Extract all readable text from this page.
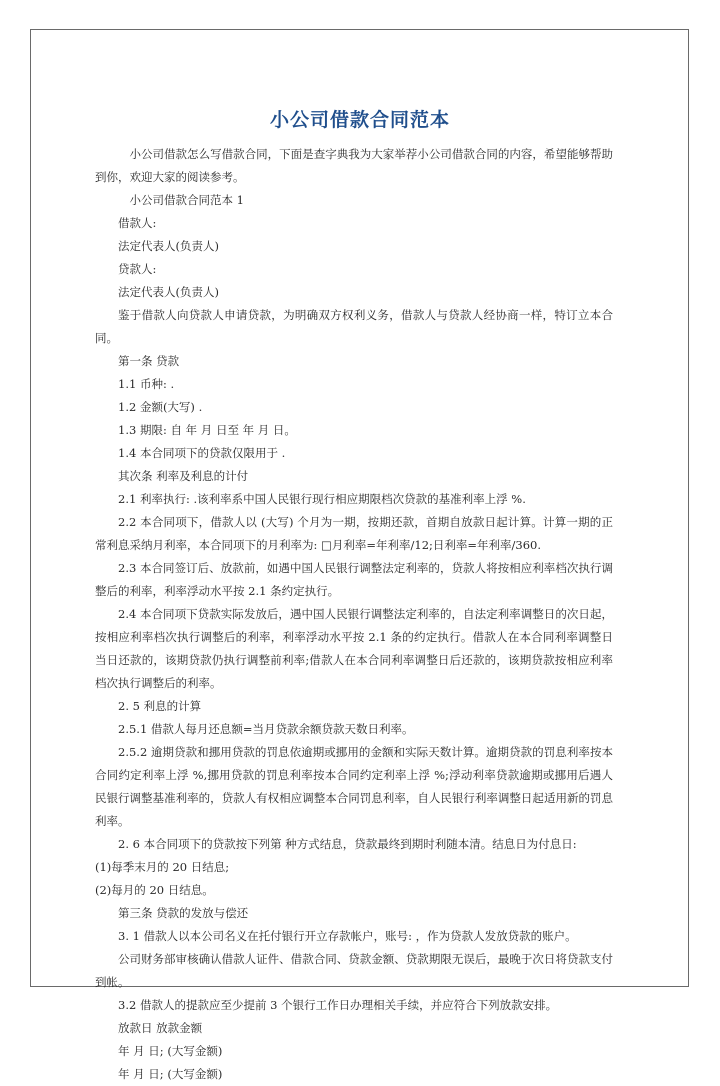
小公司借款合同范本

小公司借款怎么写借款合同，下面是查字典我为大家举荐小公司借款合同的内容，希望能够帮助到你，欢迎大家的阅读参考。

小公司借款合同范本 1

借款人:

法定代表人(负责人)

贷款人:

法定代表人(负责人)

鉴于借款人向贷款人申请贷款，为明确双方权利义务，借款人与贷款人经协商一样，特订立本合同。

第一条 贷款

1.1 币种: .

1.2 金额(大写) .

1.3 期限: 自 年 月 日至 年 月 日。

1.4 本合同项下的贷款仅限用于 .

其次条 利率及利息的计付

2.1 利率执行: .该利率系中国人民银行现行相应期限档次贷款的基准利率上浮 %.

2.2 本合同项下，借款人以 (大写) 个月为一期，按期还款，首期自放款日起计算。计算一期的正常利息采纳月利率，本合同项下的月利率为: □月利率=年利率/12;日利率=年利率/360.

2.3 本合同签订后、放款前，如遇中国人民银行调整法定利率的，贷款人将按相应利率档次执行调整后的利率，利率浮动水平按 2.1 条约定执行。

2.4 本合同项下贷款实际发放后，遇中国人民银行调整法定利率的，自法定利率调整日的次日起，按相应利率档次执行调整后的利率，利率浮动水平按 2.1 条的约定执行。借款人在本合同利率调整日当日还款的，该期贷款仍执行调整前利率;借款人在本合同利率调整日后还款的，该期贷款按相应利率档次执行调整后的利率。

2. 5 利息的计算

2.5.1 借款人每月还息额=当月贷款余额贷款天数日利率。

2.5.2 逾期贷款和挪用贷款的罚息依逾期或挪用的金额和实际天数计算。逾期贷款的罚息利率按本合同约定利率上浮 %,挪用贷款的罚息利率按本合同约定利率上浮 %;浮动利率贷款逾期或挪用后遇人民银行调整基准利率的，贷款人有权相应调整本合同罚息利率，自人民银行利率调整日起适用新的罚息利率。

2. 6 本合同项下的贷款按下列第 种方式结息，贷款最终到期时利随本清。结息日为付息日:

(1)每季末月的 20 日结息;

(2)每月的 20 日结息。

第三条 贷款的发放与偿还

3. 1 借款人以本公司名义在托付银行开立存款帐户，账号: ，作为贷款人发放贷款的账户。

公司财务部审核确认借款人证件、借款合同、贷款金额、贷款期限无误后，最晚于次日将贷款支付到帐。

3.2 借款人的提款应至少提前 3 个银行工作日办理相关手续，并应符合下列放款安排。

放款日 放款金额

年 月 日; (大写金额)

年 月 日; (大写金额)
